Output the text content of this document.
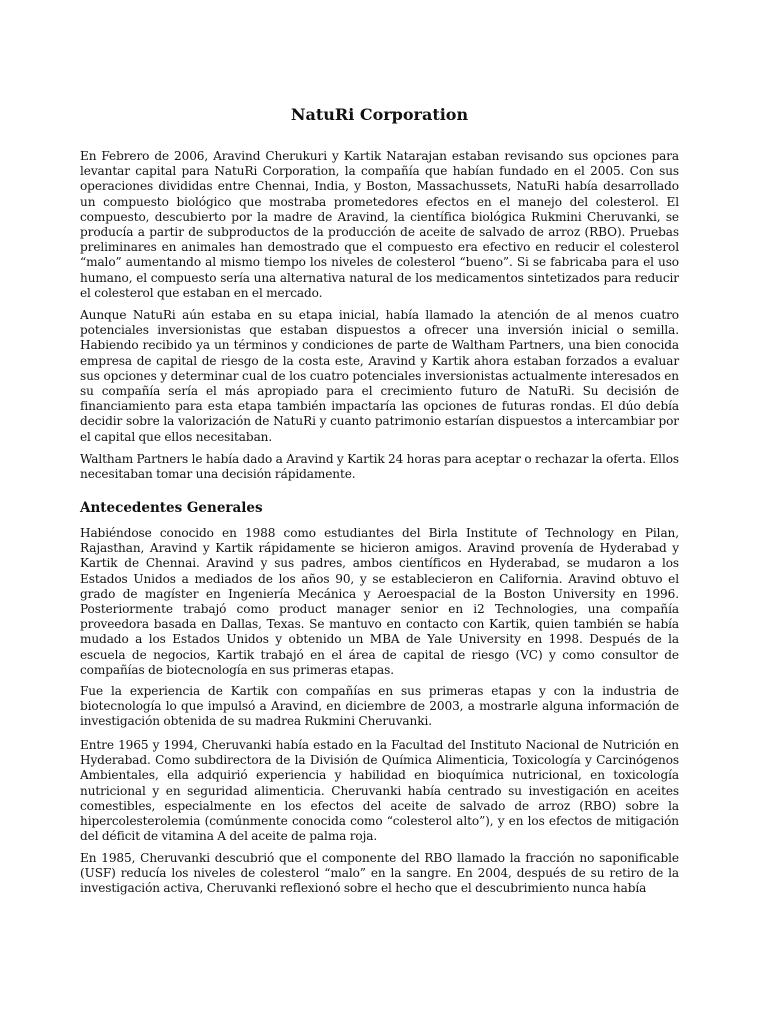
NatuRi Corporation

En Febrero de 2006, Aravind Cherukuri y Kartik Natarajan estaban revisando sus opciones para levantar capital para NatuRi Corporation, la compañía que habían fundado en el 2005. Con sus operaciones divididas entre Chennai, India, y Boston, Massachussets, NatuRi había desarrollado un compuesto biológico que mostraba prometedores efectos en el manejo del colesterol. El compuesto, descubierto por la madre de Aravind, la científica biológica Rukmini Cheruvanki, se producía a partir de subproductos de la producción de aceite de salvado de arroz (RBO). Pruebas preliminares en animales han demostrado que el compuesto era efectivo en reducir el colesterol “malo” aumentando al mismo tiempo los niveles de colesterol “bueno”. Si se fabricaba para el uso humano, el compuesto sería una alternativa natural de los medicamentos sintetizados para reducir el colesterol que estaban en el mercado.

Aunque NatuRi aún estaba en su etapa inicial, había llamado la atención de al menos cuatro potenciales inversionistas que estaban dispuestos a ofrecer una inversión inicial o semilla. Habiendo recibido ya un términos y condiciones de parte de Waltham Partners, una bien conocida empresa de capital de riesgo de la costa este, Aravind y Kartik ahora estaban forzados a evaluar sus opciones y determinar cual de los cuatro potenciales inversionistas actualmente interesados en su compañía sería el más apropiado para el crecimiento futuro de NatuRi. Su decisión de financiamiento para esta etapa también impactaría las opciones de futuras rondas. El dúo debía decidir sobre la valorización de NatuRi y cuanto patrimonio estarían dispuestos a intercambiar por el capital que ellos necesitaban.

Waltham Partners le había dado a Aravind y Kartik 24 horas para aceptar o rechazar la oferta. Ellos necesitaban tomar una decisión rápidamente.

Antecedentes Generales

Habiéndose conocido en 1988 como estudiantes del Birla Institute of Technology en Pilan, Rajasthan, Aravind y Kartik rápidamente se hicieron amigos. Aravind provenía de Hyderabad y Kartik de Chennai. Aravind y sus padres, ambos científicos en Hyderabad, se mudaron a los Estados Unidos a mediados de los años 90, y se establecieron en California. Aravind obtuvo el grado de magíster en Ingeniería Mecánica y Aeroespacial de la Boston University en 1996. Posteriormente trabajó como product manager senior en i2 Technologies, una compañía proveedora basada en Dallas, Texas. Se mantuvo en contacto con Kartik, quien también se había mudado a los Estados Unidos y obtenido un MBA de Yale University en 1998. Después de la escuela de negocios, Kartik trabajó en el área de capital de riesgo (VC) y como consultor de compañías de biotecnología en sus primeras etapas.

Fue la experiencia de Kartik con compañías en sus primeras etapas y con la industria de biotecnología lo que impulsó a Aravind, en diciembre de 2003, a mostrarle alguna información de investigación obtenida de su madrea Rukmini Cheruvanki.

Entre 1965 y 1994, Cheruvanki había estado en la Facultad del Instituto Nacional de Nutrición en Hyderabad. Como subdirectora de la División de Química Alimenticia, Toxicología y Carcinógenos Ambientales, ella adquirió experiencia y habilidad en bioquímica nutricional, en toxicología nutricional y en seguridad alimenticia. Cheruvanki había centrado su investigación en aceites comestibles, especialmente en los efectos del aceite de salvado de arroz (RBO) sobre la hipercolesterolemia (comúnmente conocida como “colesterol alto”), y en los efectos de mitigación del déficit de vitamina A del aceite de palma roja.

En 1985, Cheruvanki descubrió que el componente del RBO llamado la fracción no saponificable (USF) reducía los niveles de colesterol “malo” en la sangre. En 2004, después de su retiro de la investigación activa, Cheruvanki reflexionó sobre el hecho que el descubrimiento nunca había
